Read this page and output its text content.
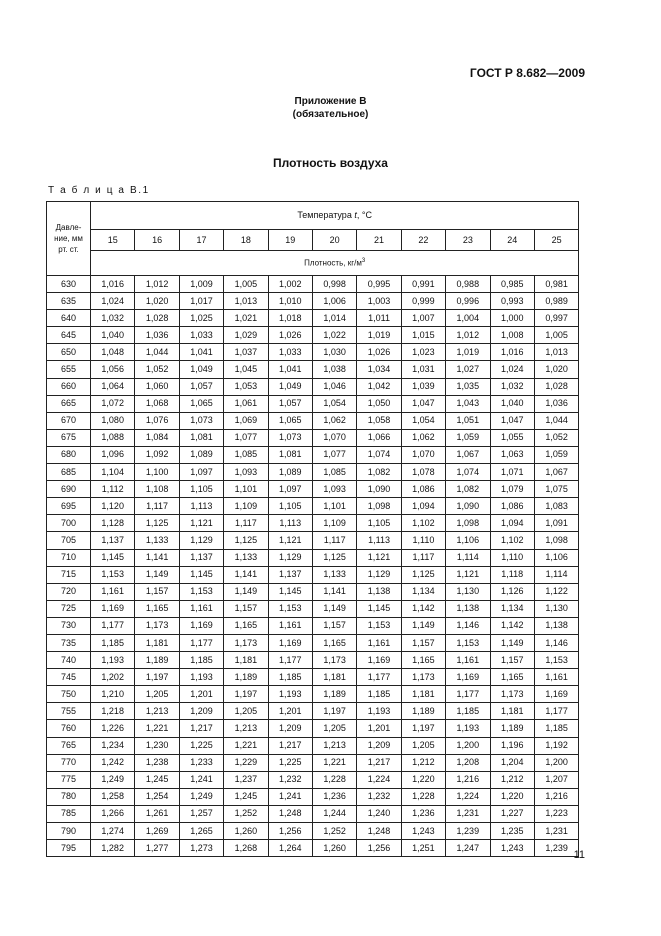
ГОСТ Р 8.682—2009
Приложение В
(обязательное)
Плотность воздуха
Т а б л и ц а В.1
Давле-
ние, мм
рт. ст.	Температура t, °С										
	15	16	17	18	19	20	21	22	23	24	25
	Плотность, $кг/м^3$
630	1,016	1,012	1,009	1,005	1,002	0,998	0,995	0,991	0,988	0,985	0,981
635	1,024	1,020	1,017	1,013	1,010	1,006	1,003	0,999	0,996	0,993	0,989
640	1,032	1,028	1,025	1,021	1,018	1,014	1,011	1,007	1,004	1,000	0,997
645	1,040	1,036	1,033	1,029	1,026	1,022	1,019	1,015	1,012	1,008	1,005
650	1,048	1,044	1,041	1,037	1,033	1,030	1,026	1,023	1,019	1,016	1,013
655	1,056	1,052	1,049	1,045	1,041	1,038	1,034	1,031	1,027	1,024	1,020
660	1,064	1,060	1,057	1,053	1,049	1,046	1,042	1,039	1,035	1,032	1,028
665	1,072	1,068	1,065	1,061	1,057	1,054	1,050	1,047	1,043	1,040	1,036
670	1,080	1,076	1,073	1,069	1,065	1,062	1,058	1,054	1,051	1,047	1,044
675	1,088	1,084	1,081	1,077	1,073	1,070	1,066	1,062	1,059	1,055	1,052
680	1,096	1,092	1,089	1,085	1,081	1,077	1,074	1,070	1,067	1,063	1,059
685	1,104	1,100	1,097	1,093	1,089	1,085	1,082	1,078	1,074	1,071	1,067
690	1,112	1,108	1,105	1,101	1,097	1,093	1,090	1,086	1,082	1,079	1,075
695	1,120	1,117	1,113	1,109	1,105	1,101	1,098	1,094	1,090	1,086	1,083
700	1,128	1,125	1,121	1,117	1,113	1,109	1,105	1,102	1,098	1,094	1,091
705	1,137	1,133	1,129	1,125	1,121	1,117	1,113	1,110	1,106	1,102	1,098
710	1,145	1,141	1,137	1,133	1,129	1,125	1,121	1,117	1,114	1,110	1,106
715	1,153	1,149	1,145	1,141	1,137	1,133	1,129	1,125	1,121	1,118	1,114
720	1,161	1,157	1,153	1,149	1,145	1,141	1,138	1,134	1,130	1,126	1,122
725	1,169	1,165	1,161	1,157	1,153	1,149	1,145	1,142	1,138	1,134	1,130
730	1,177	1,173	1,169	1,165	1,161	1,157	1,153	1,149	1,146	1,142	1,138
735	1,185	1,181	1,177	1,173	1,169	1,165	1,161	1,157	1,153	1,149	1,146
740	1,193	1,189	1,185	1,181	1,177	1,173	1,169	1,165	1,161	1,157	1,153
745	1,202	1,197	1,193	1,189	1,185	1,181	1,177	1,173	1,169	1,165	1,161
750	1,210	1,205	1,201	1,197	1,193	1,189	1,185	1,181	1,177	1,173	1,169
755	1,218	1,213	1,209	1,205	1,201	1,197	1,193	1,189	1,185	1,181	1,177
760	1,226	1,221	1,217	1,213	1,209	1,205	1,201	1,197	1,193	1,189	1,185
765	1,234	1,230	1,225	1,221	1,217	1,213	1,209	1,205	1,200	1,196	1,192
770	1,242	1,238	1,233	1,229	1,225	1,221	1,217	1,212	1,208	1,204	1,200
775	1,249	1,245	1,241	1,237	1,232	1,228	1,224	1,220	1,216	1,212	1,207
780	1,258	1,254	1,249	1,245	1,241	1,236	1,232	1,228	1,224	1,220	1,216
785	1,266	1,261	1,257	1,252	1,248	1,244	1,240	1,236	1,231	1,227	1,223
790	1,274	1,269	1,265	1,260	1,256	1,252	1,248	1,243	1,239	1,235	1,231
795	1,282	1,277	1,273	1,268	1,264	1,260	1,256	1,251	1,247	1,243	1,239
11
